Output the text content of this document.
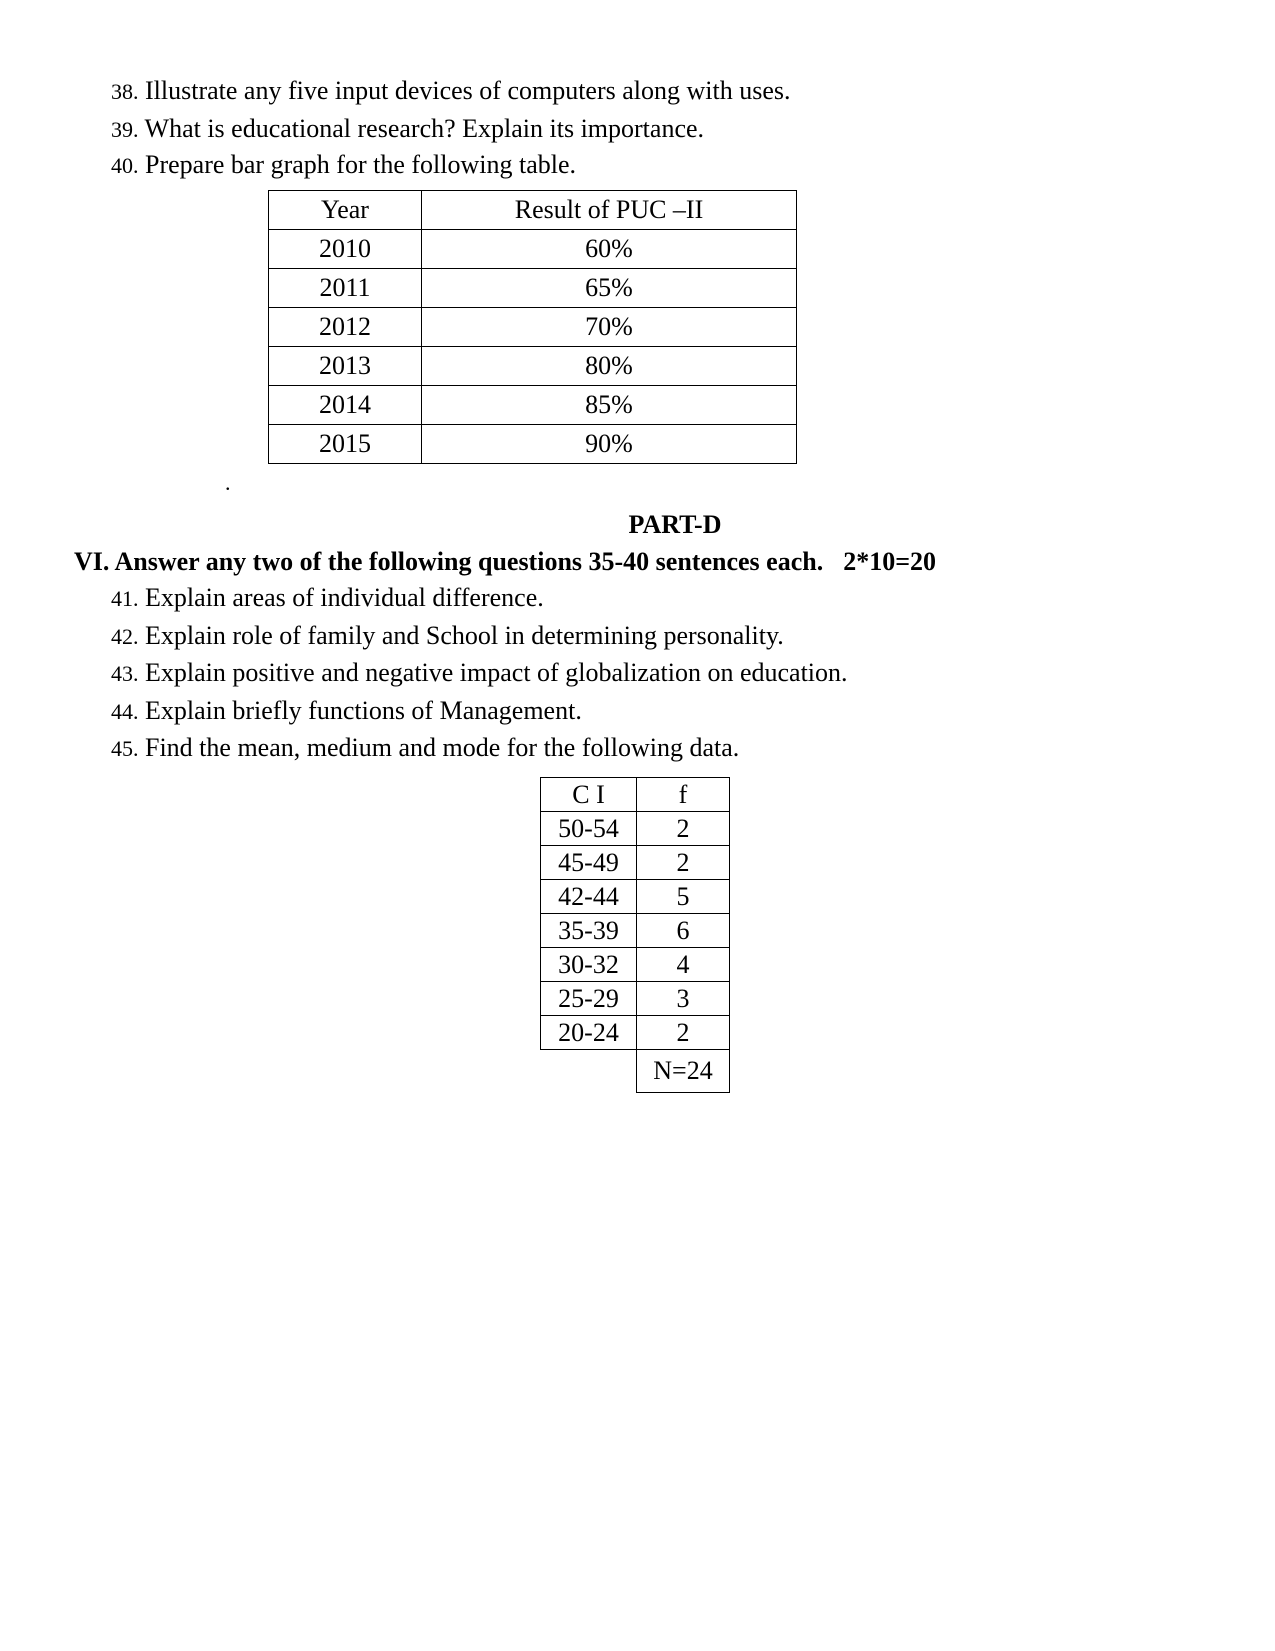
38. Illustrate any five input devices of computers along with uses.
39. What is educational research? Explain its importance.
40. Prepare bar graph for the following table.
Year	Result of PUC –II
2010	60%
2011	65%
2012	70%
2013	80%
2014	85%
2015	90%
.
PART-D
VI. Answer any two of the following questions 35-40 sentences each. 2*10=20
41. Explain areas of individual difference.
42. Explain role of family and School in determining personality.
43. Explain positive and negative impact of globalization on education.
44. Explain briefly functions of Management.
45. Find the mean, medium and mode for the following data.
C I	f
50-54	2
45-49	2
42-44	5
35-39	6
30-32	4
25-29	3
20-24	2
	N=24
